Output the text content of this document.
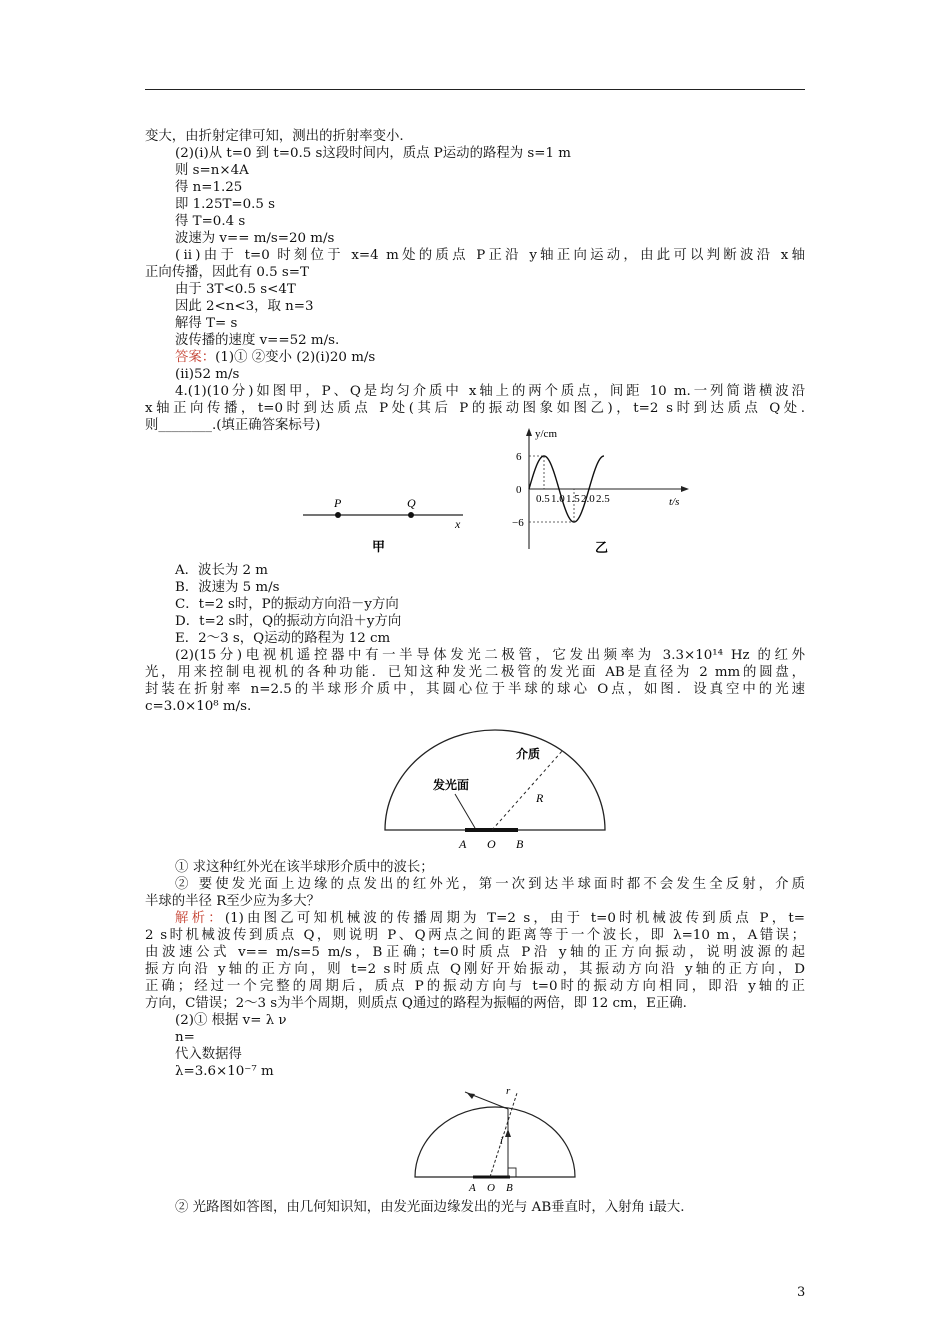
变大，由折射定律可知，测出的折射率变小.
(2)(ⅰ)从 t=0 到 t=0.5 s这段时间内，质点 P运动的路程为 s=1 m
则 s=n×4A
得 n=1.25
即 1.25T=0.5 s
得 T=0.4 s
波速为 v== m/s=20 m/s
(ⅱ)由于 t=0 时刻位于 x=4 m处的质点 P正沿 y轴正向运动，由此可以判断波沿 x轴
正向传播，因此有 0.5 s=T
由于 3T<0.5 s<4T
因此 2<n<3，取 n=3
解得 T= s
波传播的速度 v==52 m/s.
答案：(1)① ②变小 (2)(ⅰ)20 m/s
(ⅱ)52 m/s
4.(1)(10分)如图甲，P、Q是均匀介质中 x轴上的两个质点，间距 10 m.一列简谐横波沿
x轴正向传播，t=0时到达质点 P处(其后 P的振动图象如图乙)，t=2 s时到达质点 Q处.
则________.(填正确答案标号)
P	Q
x
甲
y/cm
t/s
6
0
−6
0.5 1.0 1.5 2.0 2.5
乙
A．波长为 2 m
B．波速为 5 m/s
C．t=2 s时，P的振动方向沿－y方向
D．t=2 s时，Q的振动方向沿＋y方向
E．2～3 s，Q运动的路程为 12 cm
(2)(15分)电视机遥控器中有一半导体发光二极管，它发出频率为 3.3×10¹⁴ Hz 的红外
光，用来控制电视机的各种功能．已知这种发光二极管的发光面 AB是直径为 2 mm的圆盘，
封装在折射率 n=2.5的半球形介质中，其圆心位于半球的球心 O点，如图．设真空中的光速
c=3.0×10⁸ m/s.
介质
发光面
R
A O B
① 求这种红外光在该半球形介质中的波长；
② 要使发光面上边缘的点发出的红外光，第一次到达半球面时都不会发生全反射，介质
半球的半径 R至少应为多大？
解析：(1)由图乙可知机械波的传播周期为 T=2 s，由于 t=0时机械波传到质点 P，t=
2 s时机械波传到质点 Q，则说明 P、Q两点之间的距离等于一个波长，即 λ=10 m，A错误；
由波速公式 v== m/s=5 m/s，B正确；t=0时质点 P沿 y轴的正方向振动，说明波源的起
振方向沿 y轴的正方向，则 t=2 s时质点 Q刚好开始振动，其振动方向沿 y轴的正方向，D
正确；经过一个完整的周期后，质点 P的振动方向与 t=0时的振动方向相同，即沿 y轴的正
方向，C错误；2～3 s为半个周期，则质点 Q通过的路程为振幅的两倍，即 12 cm，E正确.
(2)① 根据 v= λ ν
n=
代入数据得
λ=3.6×10⁻⁷ m
r
i
A O B
② 光路图如答图，由几何知识知，由发光面边缘发出的光与 AB垂直时，入射角 i最大.
3
